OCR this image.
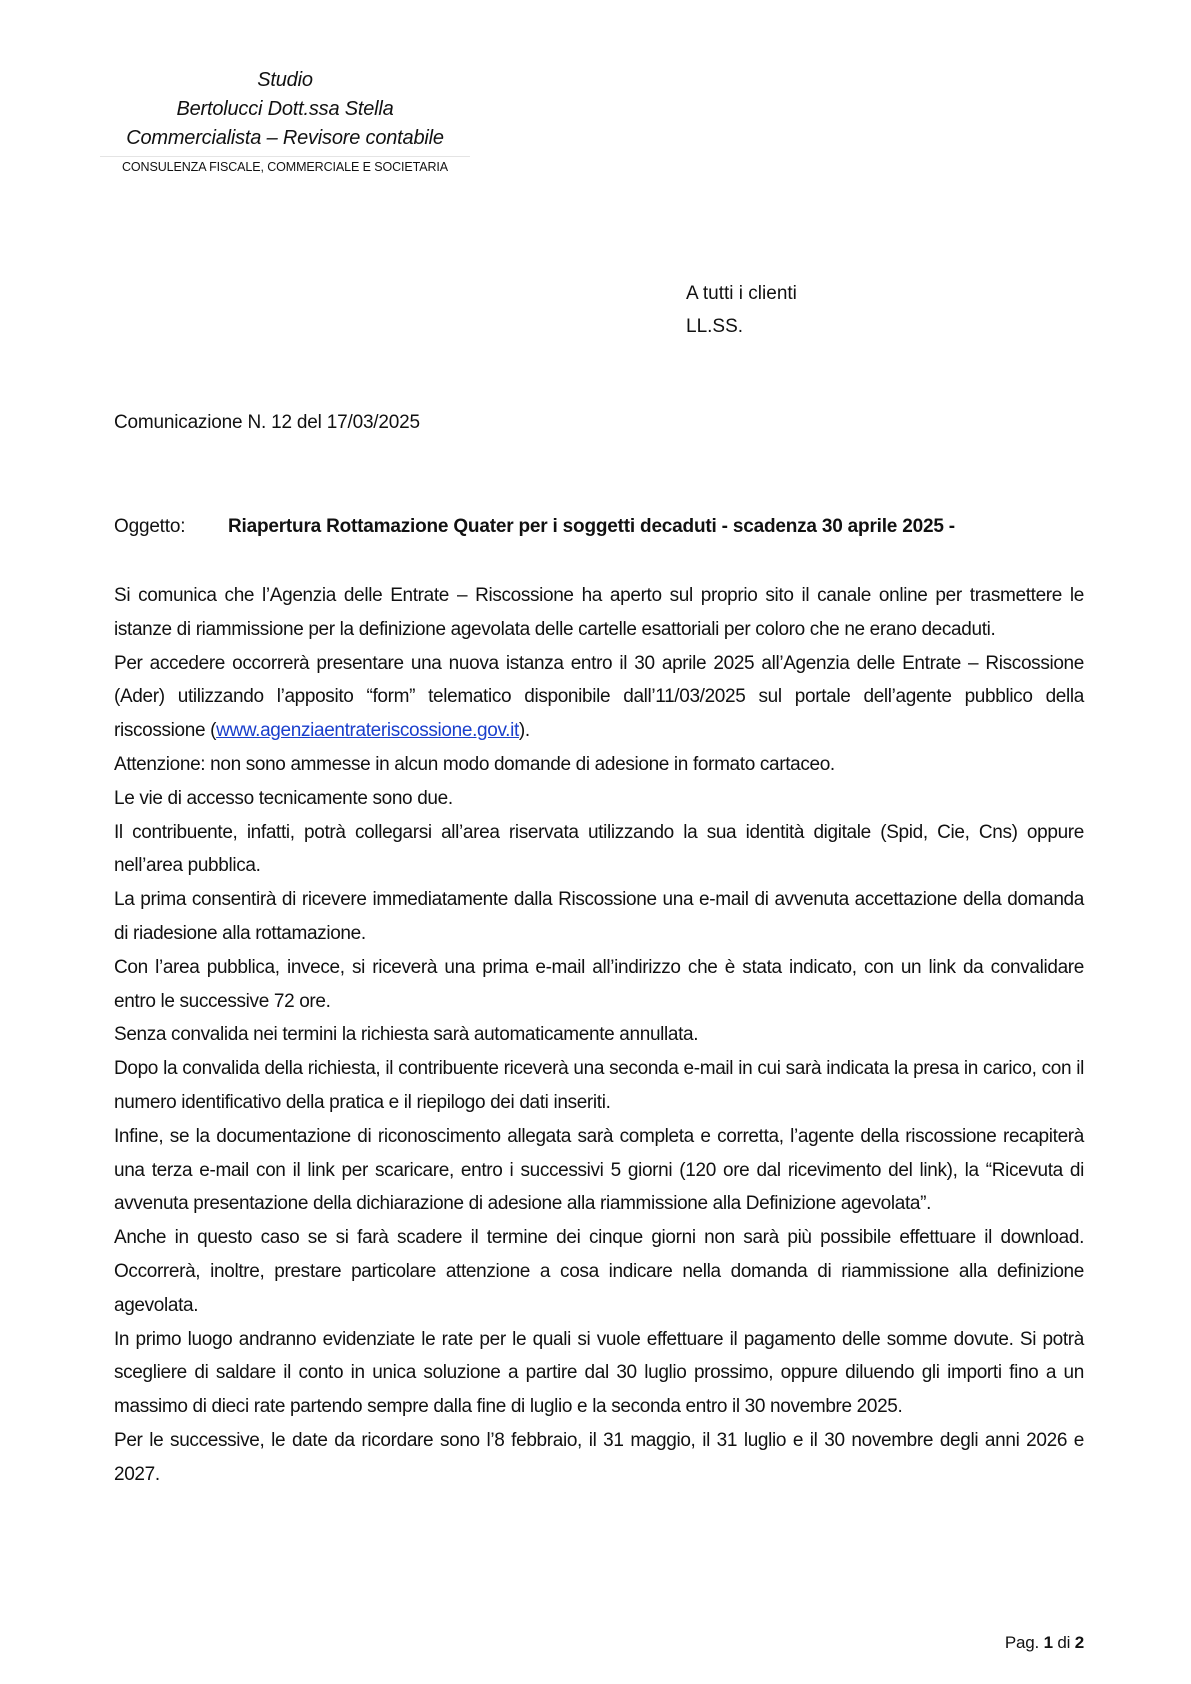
Studio
Bertolucci Dott.ssa Stella
Commercialista – Revisore contabile
CONSULENZA FISCALE, COMMERCIALE E SOCIETARIA
A tutti i clienti
LL.SS.
Comunicazione N. 12 del 17/03/2025
Oggetto: Riapertura Rottamazione Quater per i soggetti decaduti - scadenza 30 aprile 2025 -

Si comunica che l’Agenzia delle Entrate – Riscossione ha aperto sul proprio sito il canale online per trasmettere le istanze di riammissione per la definizione agevolata delle cartelle esattoriali per coloro che ne erano decaduti.

Per accedere occorrerà presentare una nuova istanza entro il 30 aprile 2025 all’Agenzia delle Entrate – Riscossione (Ader) utilizzando l’apposito “form” telematico disponibile dall’11/03/2025 sul portale dell’agente pubblico della riscossione (www.agenziaentrateriscossione.gov.it).

Attenzione: non sono ammesse in alcun modo domande di adesione in formato cartaceo.

Le vie di accesso tecnicamente sono due.

Il contribuente, infatti, potrà collegarsi all’area riservata utilizzando la sua identità digitale (Spid, Cie, Cns) oppure nell’area pubblica.

La prima consentirà di ricevere immediatamente dalla Riscossione una e-mail di avvenuta accettazione della domanda di riadesione alla rottamazione.

Con l’area pubblica, invece, si riceverà una prima e-mail all’indirizzo che è stata indicato, con un link da convalidare entro le successive 72 ore.

Senza convalida nei termini la richiesta sarà automaticamente annullata.

Dopo la convalida della richiesta, il contribuente riceverà una seconda e-mail in cui sarà indicata la presa in carico, con il numero identificativo della pratica e il riepilogo dei dati inseriti.

Infine, se la documentazione di riconoscimento allegata sarà completa e corretta, l’agente della riscossione recapiterà una terza e-mail con il link per scaricare, entro i successivi 5 giorni (120 ore dal ricevimento del link), la “Ricevuta di avvenuta presentazione della dichiarazione di adesione alla riammissione alla Definizione agevolata”.

Anche in questo caso se si farà scadere il termine dei cinque giorni non sarà più possibile effettuare il download. Occorrerà, inoltre, prestare particolare attenzione a cosa indicare nella domanda di riammissione alla definizione agevolata.

In primo luogo andranno evidenziate le rate per le quali si vuole effettuare il pagamento delle somme dovute. Si potrà scegliere di saldare il conto in unica soluzione a partire dal 30 luglio prossimo, oppure diluendo gli importi fino a un massimo di dieci rate partendo sempre dalla fine di luglio e la seconda entro il 30 novembre 2025.

Per le successive, le date da ricordare sono l’8 febbraio, il 31 maggio, il 31 luglio e il 30 novembre degli anni 2026 e 2027.

Pag. 1 di 2
